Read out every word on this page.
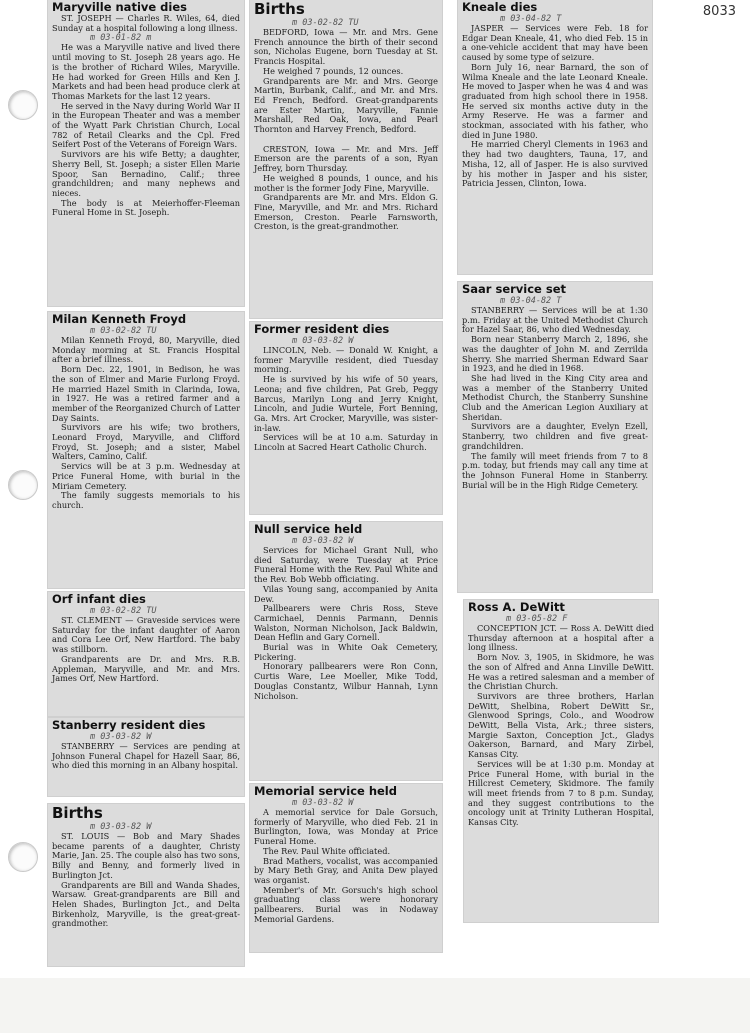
8033
Maryville native dies

ST. JOSEPH — Charles R. Wiles, 64, died Sunday at a hospital following a long illness.

m 03-01-82 m

He was a Maryville native and lived there until moving to St. Joseph 28 years ago. He is the brother of Richard Wiles, Maryville. He had worked for Green Hills and Ken J. Markets and had been head produce clerk at Thomas Markets for the last 12 years.

He served in the Navy during World War II in the European Theater and was a member of the Wyatt Park Christian Church, Local 782 of Retail Clearks and the Cpl. Fred Seifert Post of the Veterans of Foreign Wars.

Survivors are his wife Betty; a daughter, Sherry Bell, St. Joseph; a sister Ellen Marie Spoor, San Bernadino, Calif.; three grandchildren; and many nephews and nieces.

The body is at Meierhoffer-Fleeman Funeral Home in St. Joseph.

Milan Kenneth Froyd
m 03-02-82 TU

Milan Kenneth Froyd, 80, Maryville, died Monday morning at St. Francis Hospital after a brief illness.

Born Dec. 22, 1901, in Bedison, he was the son of Elmer and Marie Furlong Froyd. He married Hazel Smith in Clarinda, Iowa, in 1927. He was a retired farmer and a member of the Reorganized Church of Latter Day Saints.

Survivors are his wife; two brothers, Leonard Froyd, Maryville, and Clifford Froyd, St. Joseph; and a sister, Mabel Walters, Camino, Calif.

Servics will be at 3 p.m. Wednesday at Price Funeral Home, with burial in the Miriam Cemetery.

The family suggests memorials to his church.

Orf infant dies
m 03-02-82 TU

ST. CLEMENT — Graveside services were Saturday for the infant daughter of Aaron and Cora Lee Orf, New Hartford. The baby was stillborn.

Grandparents are Dr. and Mrs. R.B. Appleman, Maryville, and Mr. and Mrs. James Orf, New Hartford.

Stanberry resident dies
m 03-03-82 W

STANBERRY — Services are pending at Johnson Funeral Chapel for Hazell Saar, 86, who died this morning in an Albany hospital.

Births
m 03-03-82 W

ST. LOUIS — Bob and Mary Shades became parents of a daughter, Christy Marie, Jan. 25. The couple also has two sons, Billy and Benny, and formerly lived in Burlington Jct.

Grandparents are Bill and Wanda Shades, Warsaw. Great-grandparents are Bill and Helen Shades, Burlington Jct., and Delta Birkenholz, Maryville, is the great-great-grandmother.

Births
m 03-02-82 TU

BEDFORD, Iowa — Mr. and Mrs. Gene French announce the birth of their second son, Nicholas Eugene, born Tuesday at St. Francis Hospital.

He weighed 7 pounds, 12 ounces.

Grandparents are Mr. and Mrs. George Martin, Burbank, Calif., and Mr. and Mrs. Ed French, Bedford. Great-grandparents are Ester Martin, Maryville, Fannie Marshall, Red Oak, Iowa, and Pearl Thornton and Harvey French, Bedford.

CRESTON, Iowa — Mr. and Mrs. Jeff Emerson are the parents of a son, Ryan Jeffrey, born Thursday.

He weighed 8 pounds, 1 ounce, and his mother is the former Jody Fine, Maryville.

Grandparents are Mr. and Mrs. Eldon G. Fine, Maryville, and Mr. and Mrs. Richard Emerson, Creston. Pearle Farnsworth, Creston, is the great-grandmother.

Former resident dies
m 03-03-82 W

LINCOLN, Neb. — Donald W. Knight, a former Maryville resident, died Tuesday morning.

He is survived by his wife of 50 years, Leona; and five children, Pat Greb, Peggy Barcus, Marilyn Long and Jerry Knight, Lincoln, and Judie Wurtele, Fort Benning, Ga. Mrs. Art Crocker, Maryville, was sister-in-law.

Services will be at 10 a.m. Saturday in Lincoln at Sacred Heart Catholic Church.

Null service held
m 03-03-82 W

Services for Michael Grant Null, who died Saturday, were Tuesday at Price Funeral Home with the Rev. Paul White and the Rev. Bob Webb officiating.

Vilas Young sang, accompanied by Anita Dew.

Pallbearers were Chris Ross, Steve Carmichael, Dennis Parmann, Dennis Walston, Norman Nicholson, Jack Baldwin, Dean Heflin and Gary Cornell.

Burial was in White Oak Cemetery, Pickering.

Honorary pallbearers were Ron Conn, Curtis Ware, Lee Moeller, Mike Todd, Douglas Constantz, Wilbur Hannah, Lynn Nicholson.

Memorial service held
m 03-03-82 W

A memorial service for Dale Gorsuch, formerly of Maryville, who died Feb. 21 in Burlington, Iowa, was Monday at Price Funeral Home.

The Rev. Paul White officiated.

Brad Mathers, vocalist, was accompanied by Mary Beth Gray, and Anita Dew played was organist.

Member's of Mr. Gorsuch's high school graduating class were honorary pallbearers. Burial was in Nodaway Memorial Gardens.

Kneale dies
m 03-04-82 T

JASPER — Services were Feb. 18 for Edgar Dean Kneale, 41, who died Feb. 15 in a one-vehicle accident that may have been caused by some type of seizure.

Born July 16, near Barnard, the son of Wilma Kneale and the late Leonard Kneale. He moved to Jasper when he was 4 and was graduated from high school there in 1958. He served six months active duty in the Army Reserve. He was a farmer and stockman, associated with his father, who died in June 1980.

He married Cheryl Clements in 1963 and they had two daughters, Tauna, 17, and Misha, 12, all of Jasper. He is also survived by his mother in Jasper and his sister, Patricia Jessen, Clinton, Iowa.

Saar service set
m 03-04-82 T

STANBERRY — Services will be at 1:30 p.m. Friday at the United Methodist Church for Hazel Saar, 86, who died Wednesday.

Born near Stanberry March 2, 1896, she was the daughter of John M. and Zerrilda Sherry. She married Sherman Edward Saar in 1923, and he died in 1968.

She had lived in the King City area and was a member of the Stanberry United Methodist Church, the Stanberry Sunshine Club and the American Legion Auxiliary at Sheridan.

Survivors are a daughter, Evelyn Ezell, Stanberry, two children and five great-grandchildren.

The family will meet friends from 7 to 8 p.m. today, but friends may call any time at the Johnson Funeral Home in Stanberry. Burial will be in the High Ridge Cemetery.

Ross A. DeWitt
m 03-05-82 F

CONCEPTION JCT. — Ross A. DeWitt died Thursday afternoon at a hospital after a long illness.

Born Nov. 3, 1905, in Skidmore, he was the son of Alfred and Anna Linville DeWitt. He was a retired salesman and a member of the Christian Church.

Survivors are three brothers, Harlan DeWitt, Shelbina, Robert DeWitt Sr., Glenwood Springs, Colo., and Woodrow DeWitt, Bella Vista, Ark.; three sisters, Margie Saxton, Conception Jct., Gladys Oakerson, Barnard, and Mary Zirbel, Kansas City.

Services will be at 1:30 p.m. Monday at Price Funeral Home, with burial in the Hillcrest Cemetery, Skidmore. The family will meet friends from 7 to 8 p.m. Sunday, and they suggest contributions to the oncology unit at Trinity Lutheran Hospital, Kansas City.
